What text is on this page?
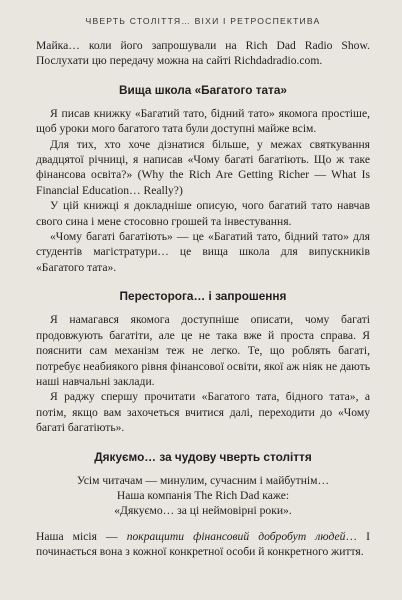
ЧВЕРТЬ СТОЛІТТЯ… ВІХИ І РЕТРОСПЕКТИВА

Майка… коли його запрошували на Rich Dad Radio Show. Послухати цю передачу можна на сайті Richdadradio.com.

Вища школа «Багатого тата»

Я писав книжку «Багатий тато, бідний тато» якомога простіше, щоб уроки мого багатого тата були доступні майже всім.

Для тих, хто хоче дізнатися більше, у межах святкування двадцятої річниці, я написав «Чому багаті багатіють. Що ж таке фінансова освіта?» (Why the Rich Are Getting Richer — What Is Financial Education… Really?)

У цій книжці я докладніше описую, чого багатий тато навчав свого сина і мене стосовно грошей та інвестування.

«Чому багаті багатіють» — це «Багатий тато, бідний тато» для студентів магістратури… це вища школа для випускників «Багатого тата».

Пересторога… і запрошення

Я намагався якомога доступніше описати, чому багаті продовжують багатіти, але це не така вже й проста справа. Я пояснити сам механізм теж не легко. Те, що роблять багаті, потребує неабиякого рівня фінансової освіти, якої аж ніяк не дають наші навчальні заклади.

Я раджу спершу прочитати «Багатого тата, бідного тата», а потім, якщо вам захочеться вчитися далі, переходити до «Чому багаті багатіють».

Дякуємо… за чудову чверть століття

Усім читачам — минулим, сучасним і майбутнім…

Наша компанія The Rich Dad каже:

«Дякуємо… за ці неймовірні роки».

Наша місія — покращити фінансовий добробут людей… І починається вона з кожної конкретної особи й конкретного життя.
